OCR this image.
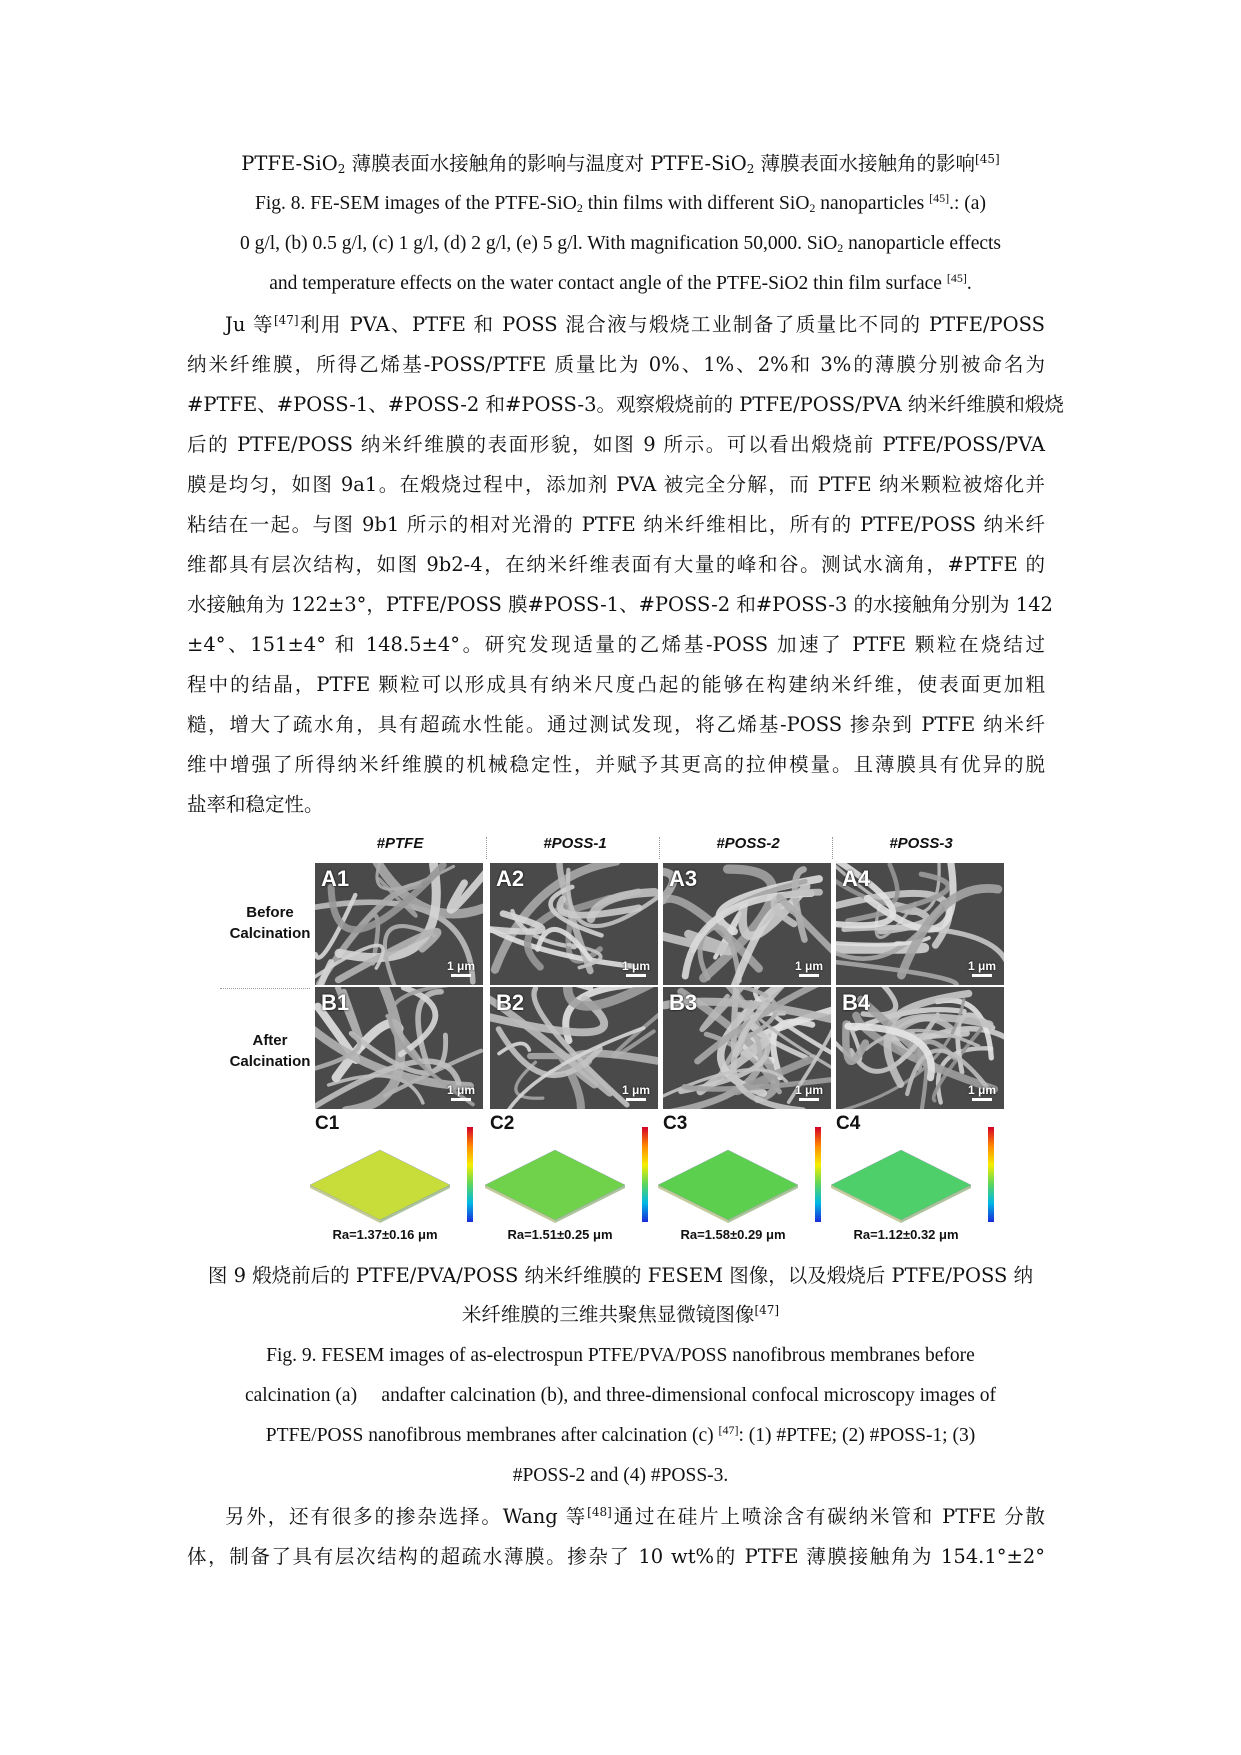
PTFE-SiO$_2$ 薄膜表面水接触角的影响与温度对 PTFE-SiO$_2$ 薄膜表面水接触角的影响[45]
Fig. 8. FE-SEM images of the PTFE-SiO$_2$ thin films with different SiO$_2$ nanoparticles [45].: (a)
0 g/l, (b) 0.5 g/l, (c) 1 g/l, (d) 2 g/l, (e) 5 g/l. With magnification 50,000. SiO$_2$ nanoparticle effects
and temperature effects on the water contact angle of the PTFE-SiO2 thin film surface [45].
Ju 等[47]利用 PVA、PTFE 和 POSS 混合液与煅烧工业制备了质量比不同的 PTFE/POSS
纳米纤维膜，所得乙烯基-POSS/PTFE 质量比为 0%、1%、2%和 3%的薄膜分别被命名为
#PTFE、#POSS-1、#POSS-2 和#POSS-3。观察煅烧前的 PTFE/POSS/PVA 纳米纤维膜和煅烧
后的 PTFE/POSS 纳米纤维膜的表面形貌，如图 9 所示。可以看出煅烧前 PTFE/POSS/PVA
膜是均匀，如图 9a1。在煅烧过程中，添加剂 PVA 被完全分解，而 PTFE 纳米颗粒被熔化并
粘结在一起。与图 9b1 所示的相对光滑的 PTFE 纳米纤维相比，所有的 PTFE/POSS 纳米纤
维都具有层次结构，如图 9b2-4，在纳米纤维表面有大量的峰和谷。测试水滴角，#PTFE 的
水接触角为 122±3°，PTFE/POSS 膜#POSS-1、#POSS-2 和#POSS-3 的水接触角分别为 142
±4°、151±4° 和 148.5±4°。研究发现适量的乙烯基-POSS 加速了 PTFE 颗粒在烧结过
程中的结晶，PTFE 颗粒可以形成具有纳米尺度凸起的能够在构建纳米纤维，使表面更加粗
糙，增大了疏水角，具有超疏水性能。通过测试发现，将乙烯基-POSS 掺杂到 PTFE 纳米纤
维中增强了所得纳米纤维膜的机械稳定性，并赋予其更高的拉伸模量。且薄膜具有优异的脱
盐率和稳定性。
#PTFE	#POSS-1	#POSS-2	#POSS-3
Before
Calcination
After
Calcination
A1
1 μm
A2
1 μm
A3
1 μm
A4
1 μm
B1
1 μm
B2
1 μm
B3
1 μm
B4
1 μm
C1
Ra=1.37±0.16 μm
C2
Ra=1.51±0.25 μm
C3
Ra=1.58±0.29 μm
C4
Ra=1.12±0.32 μm
图 9 煅烧前后的 PTFE/PVA/POSS 纳米纤维膜的 FESEM 图像，以及煅烧后 PTFE/POSS 纳
米纤维膜的三维共聚焦显微镜图像[47]
Fig. 9. FESEM images of as-electrospun PTFE/PVA/POSS nanofibrous membranes before
calcination (a)     andafter calcination (b), and three-dimensional confocal microscopy images of
PTFE/POSS nanofibrous membranes after calcination (c) [47]: (1) #PTFE; (2) #POSS-1; (3)
#POSS-2 and (4) #POSS-3.
另外，还有很多的掺杂选择。Wang 等[48]通过在硅片上喷涂含有碳纳米管和 PTFE 分散
体，制备了具有层次结构的超疏水薄膜。掺杂了 10 wt%的 PTFE 薄膜接触角为 154.1°±2°
